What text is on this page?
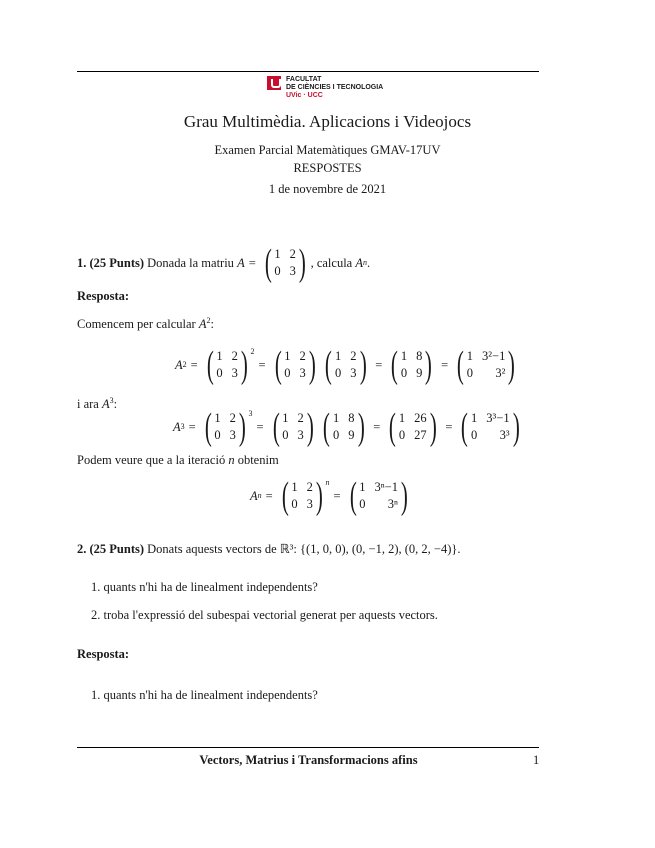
FACULTAT
DE CIÈNCIES I TECNOLOGIA
UVic · UCC
Grau Multimèdia. Aplicacions i Videojocs
Examen Parcial Matemàtiques GMAV-17UV
RESPOSTES
1 de novembre de 2021
1.
(25 Punts)
Donada la matriu
A = ( 1 2
0 3 ) , calcula
A n .
Resposta:
Comencem per calcular $A^2$:
A 2 = ( 1 2
0 3 ) 2
= ( 1 2
0 3 ) ( 1 2
0 3 ) = ( 1 8
0 9 ) = ( 1 3²−1
0	3² )
i ara $A^3$:
A 3 = ( 1 2
0 3 ) 3
= ( 1 2
0 3 ) ( 1 8
0 9 ) = ( 1 26
0 27 ) = ( 1 3³−1
0	3³ )
Podem veure que a la iteració n obtenim
A n = ( 1 2
0 3 ) n
= ( 1 3ⁿ−1
0	3ⁿ )
2. (25 Punts) Donats aquests vectors de ℝ³: {(1, 0, 0), (0, −1, 2), (0, 2, −4)}.
1. quants n'hi ha de linealment independents?
2. troba l'expressió del subespai vectorial generat per aquests vectors.
Resposta:
1. quants n'hi ha de linealment independents?
Vectors, Matrius i Transformacions afins	1
